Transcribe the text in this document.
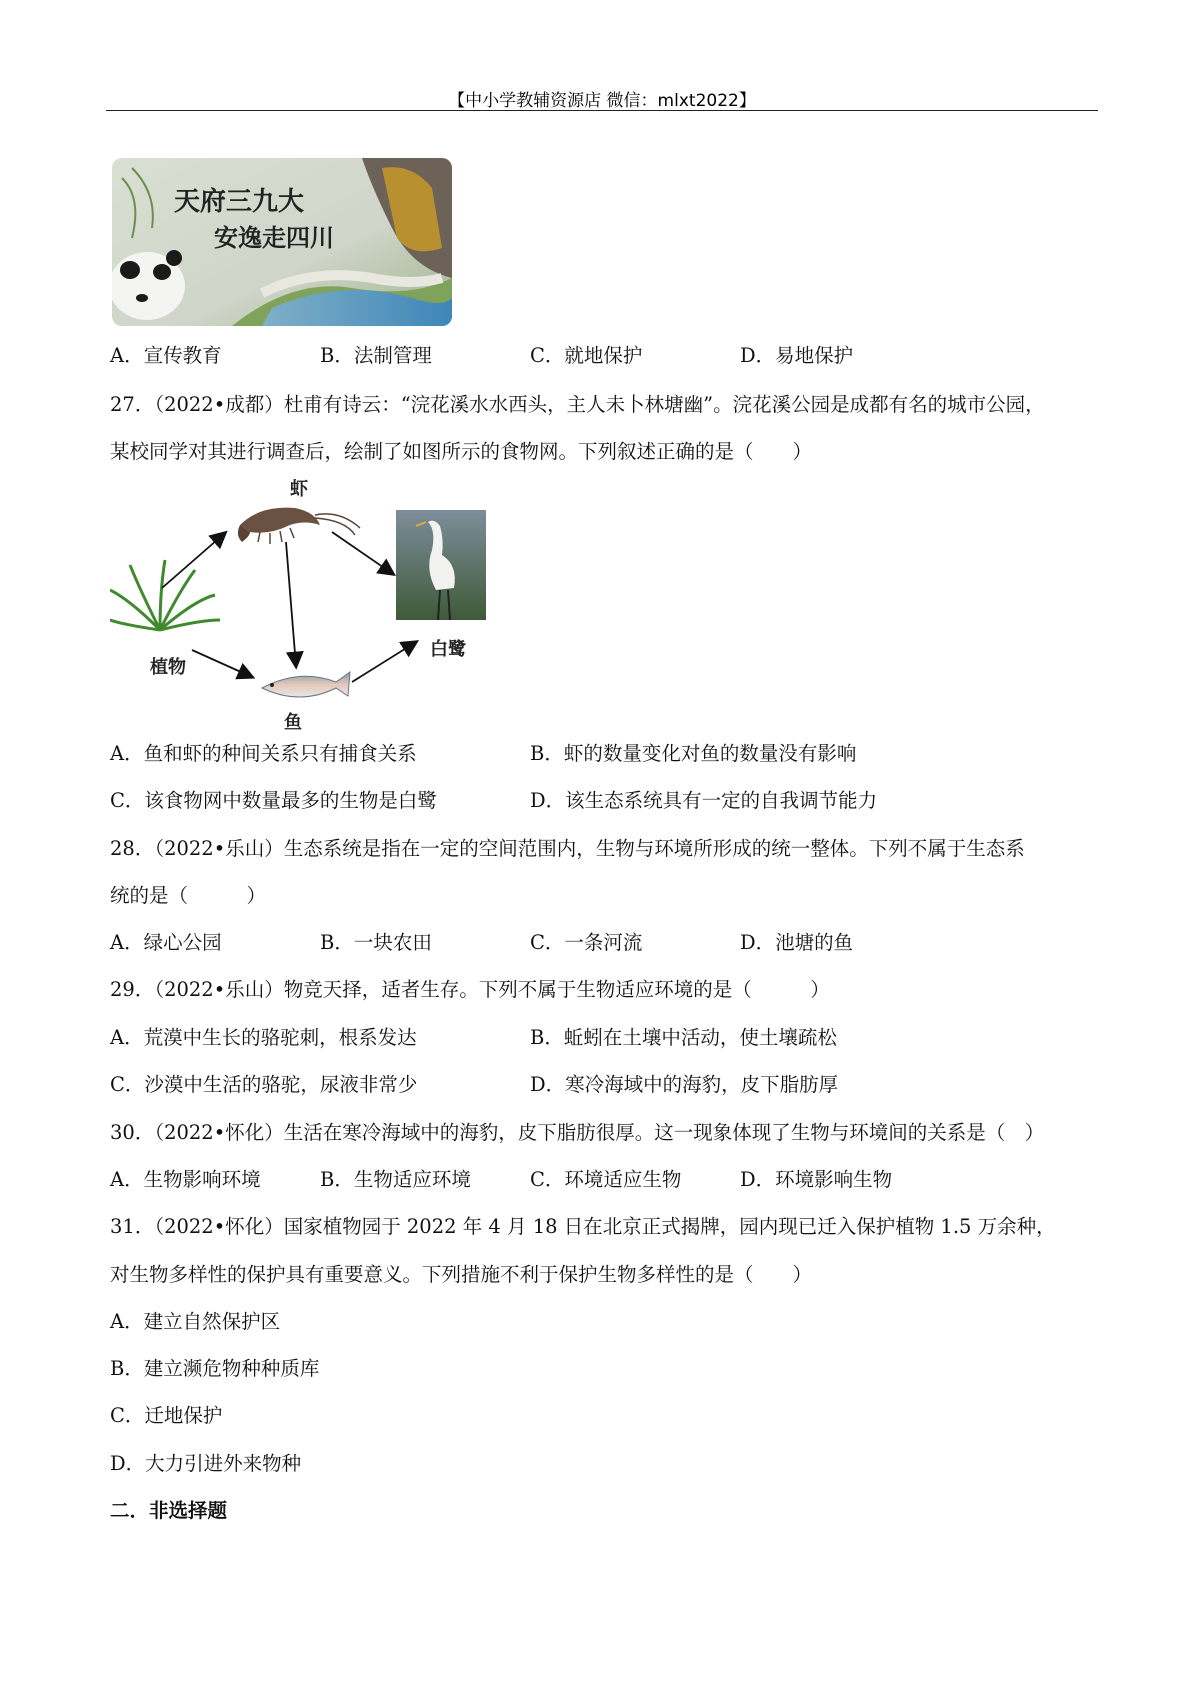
【中小学教辅资源店 微信：mlxt2022】
天府三九大
安逸走四川
A．宣传教育	B．法制管理	C．就地保护	D．易地保护
27．（2022•成都）杜甫有诗云：“浣花溪水水西头，主人未卜林塘幽”。浣花溪公园是成都有名的城市公园，
某校同学对其进行调查后，绘制了如图所示的食物网。下列叙述正确的是（　　）
虾
植物
鱼
白鹭
A．鱼和虾的种间关系只有捕食关系	B．虾的数量变化对鱼的数量没有影响
C．该食物网中数量最多的生物是白鹭	D．该生态系统具有一定的自我调节能力
28．（2022•乐山）生态系统是指在一定的空间范围内，生物与环境所形成的统一整体。下列不属于生态系
统的是（　　　）
A．绿心公园	B．一块农田	C．一条河流	D．池塘的鱼
29．（2022•乐山）物竞天择，适者生存。下列不属于生物适应环境的是（　　　）
A．荒漠中生长的骆驼刺，根系发达	B．蚯蚓在土壤中活动，使土壤疏松
C．沙漠中生活的骆驼，尿液非常少	D．寒冷海域中的海豹，皮下脂肪厚
30．（2022•怀化）生活在寒冷海域中的海豹，皮下脂肪很厚。这一现象体现了生物与环境间的关系是（　）
A．生物影响环境	B．生物适应环境	C．环境适应生物	D．环境影响生物
31．（2022•怀化）国家植物园于 2022 年 4 月 18 日在北京正式揭牌，园内现已迁入保护植物 1.5 万余种，
对生物多样性的保护具有重要意义。下列措施不利于保护生物多样性的是（　　）
A．建立自然保护区
B．建立濒危物种种质库
C．迁地保护
D．大力引进外来物种
二．非选择题
